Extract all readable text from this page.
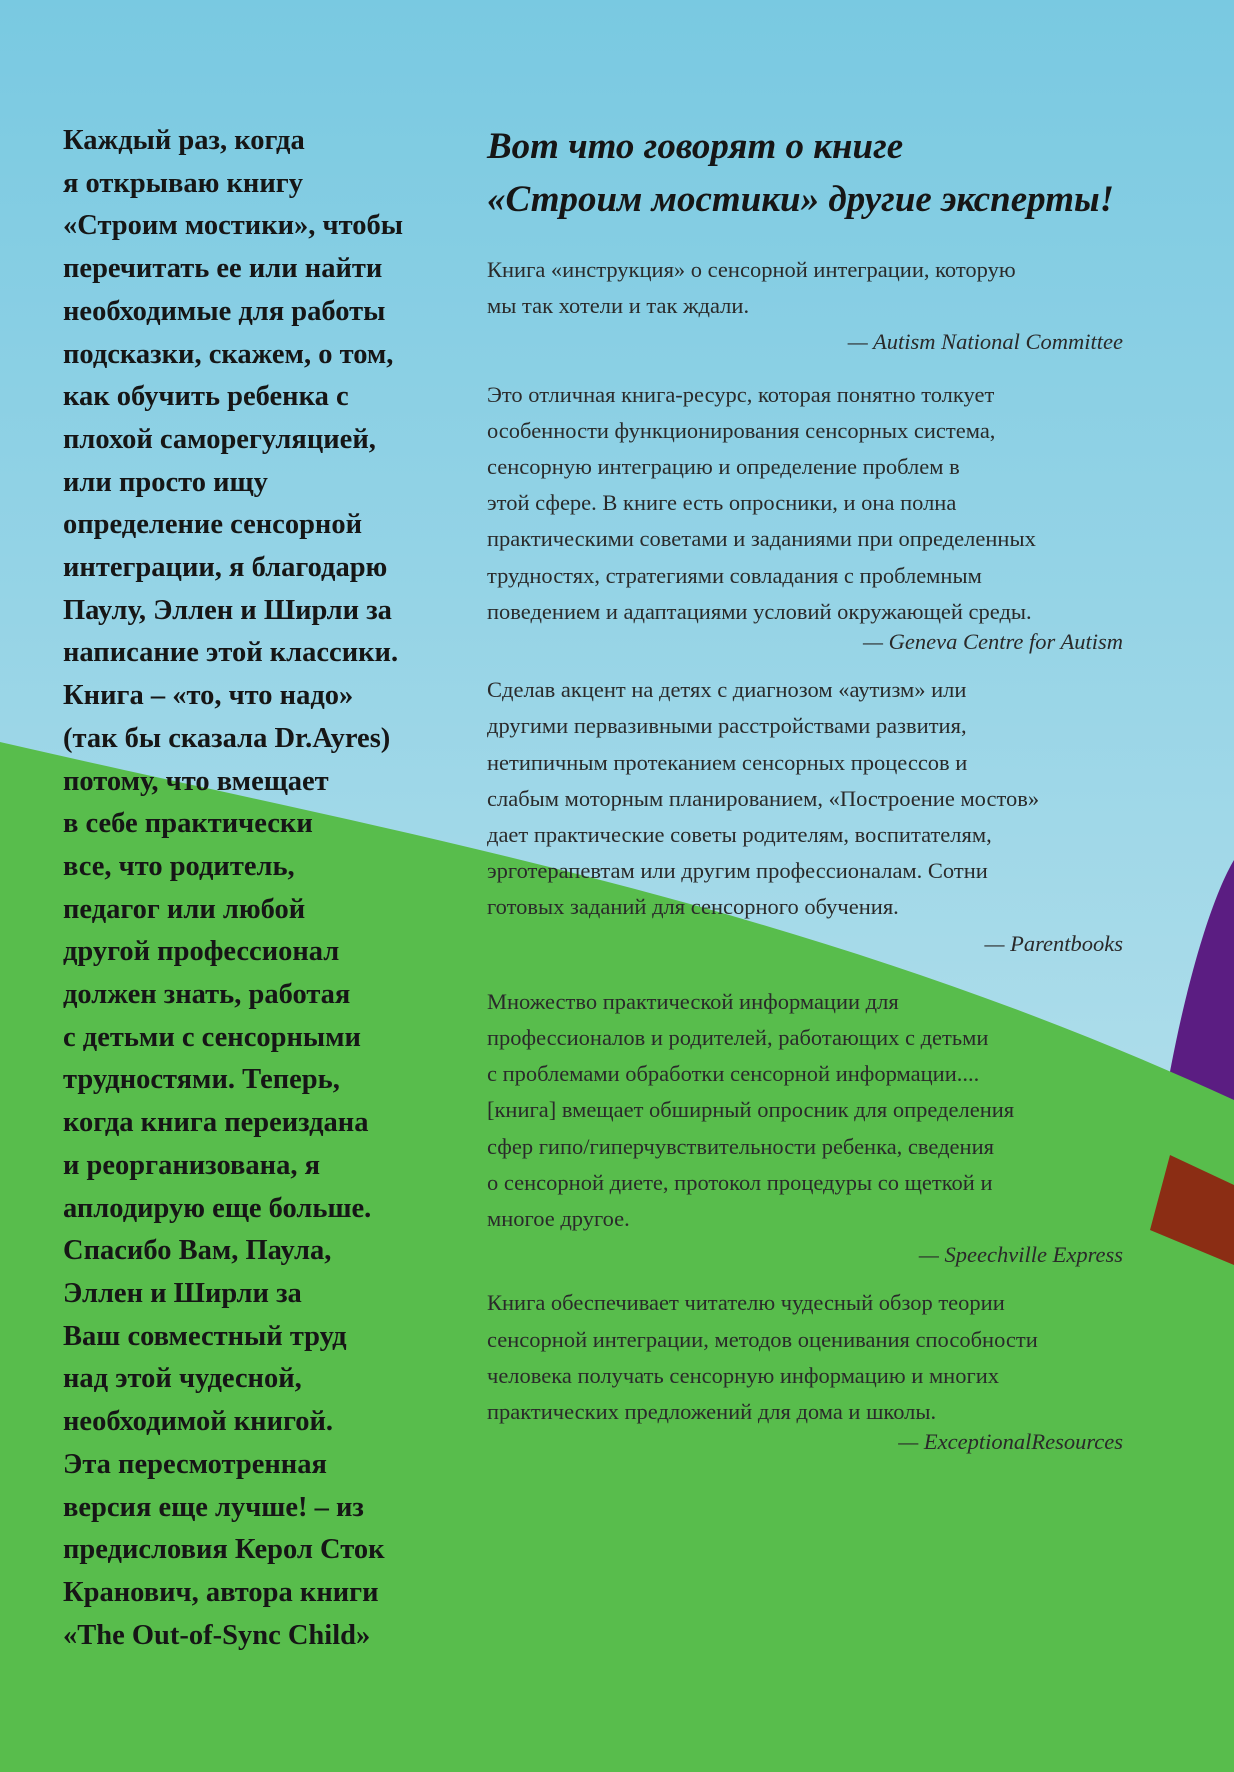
Каждый раз, когда
я открываю книгу
«Строим мостики», чтобы
перечитать ее или найти
необходимые для работы
подсказки, скажем, о том,
как обучить ребенка с
плохой саморегуляцией,
или просто ищу
определение сенсорной
интеграции, я благодарю
Паулу, Эллен и Ширли за
написание этой классики.
Книга – «то, что надо»
(так бы сказала Dr.Ayres)
потому, что вмещает
в себе практически
все, что родитель,
педагог или любой
другой профессионал
должен знать, работая
с детьми с сенсорными
трудностями. Теперь,
когда книга переиздана
и реорганизована, я
аплодирую еще больше.
Спасибо Вам, Паула,
Эллен и Ширли за
Ваш совместный труд
над этой чудесной,
необходимой книгой.
Эта пересмотренная
версия еще лучше! – из
предисловия Керол Сток
Кранович, автора книги
«The Out-of-Sync Child»
Вот что говорят о книге
«Строим мостики» другие эксперты!
Книга «инструкция» о сенсорной интеграции, которую
мы так хотели и так ждали.
— Autism National Committee
Это отличная книга-ресурс, которая понятно толкует
особенности функционирования сенсорных система,
сенсорную интеграцию и определение проблем в
этой сфере. В книге есть опросники, и она полна
практическими советами и заданиями при определенных
трудностях, стратегиями совладания с проблемным
поведением и адаптациями условий окружающей среды.
— Geneva Centre for Autism
Сделав акцент на детях с диагнозом «аутизм» или
другими первазивными расстройствами развития,
нетипичным протеканием сенсорных процессов и
слабым моторным планированием, «Построение мостов»
дает практические советы родителям, воспитателям,
эрготерапевтам или другим профессионалам. Сотни
готовых заданий для сенсорного обучения.
— Parentbooks
Множество практической информации для
профессионалов и родителей, работающих с детьми
с проблемами обработки сенсорной информации....
[книга] вмещает обширный опросник для определения
сфер гипо/гиперчувствительности ребенка, сведения
о сенсорной диете, протокол процедуры со щеткой и
многое другое.
— Speechville Express
Книга обеспечивает читателю чудесный обзор теории
сенсорной интеграции, методов оценивания способности
человека получать сенсорную информацию и многих
практических предложений для дома и школы.
— ExceptionalResources
